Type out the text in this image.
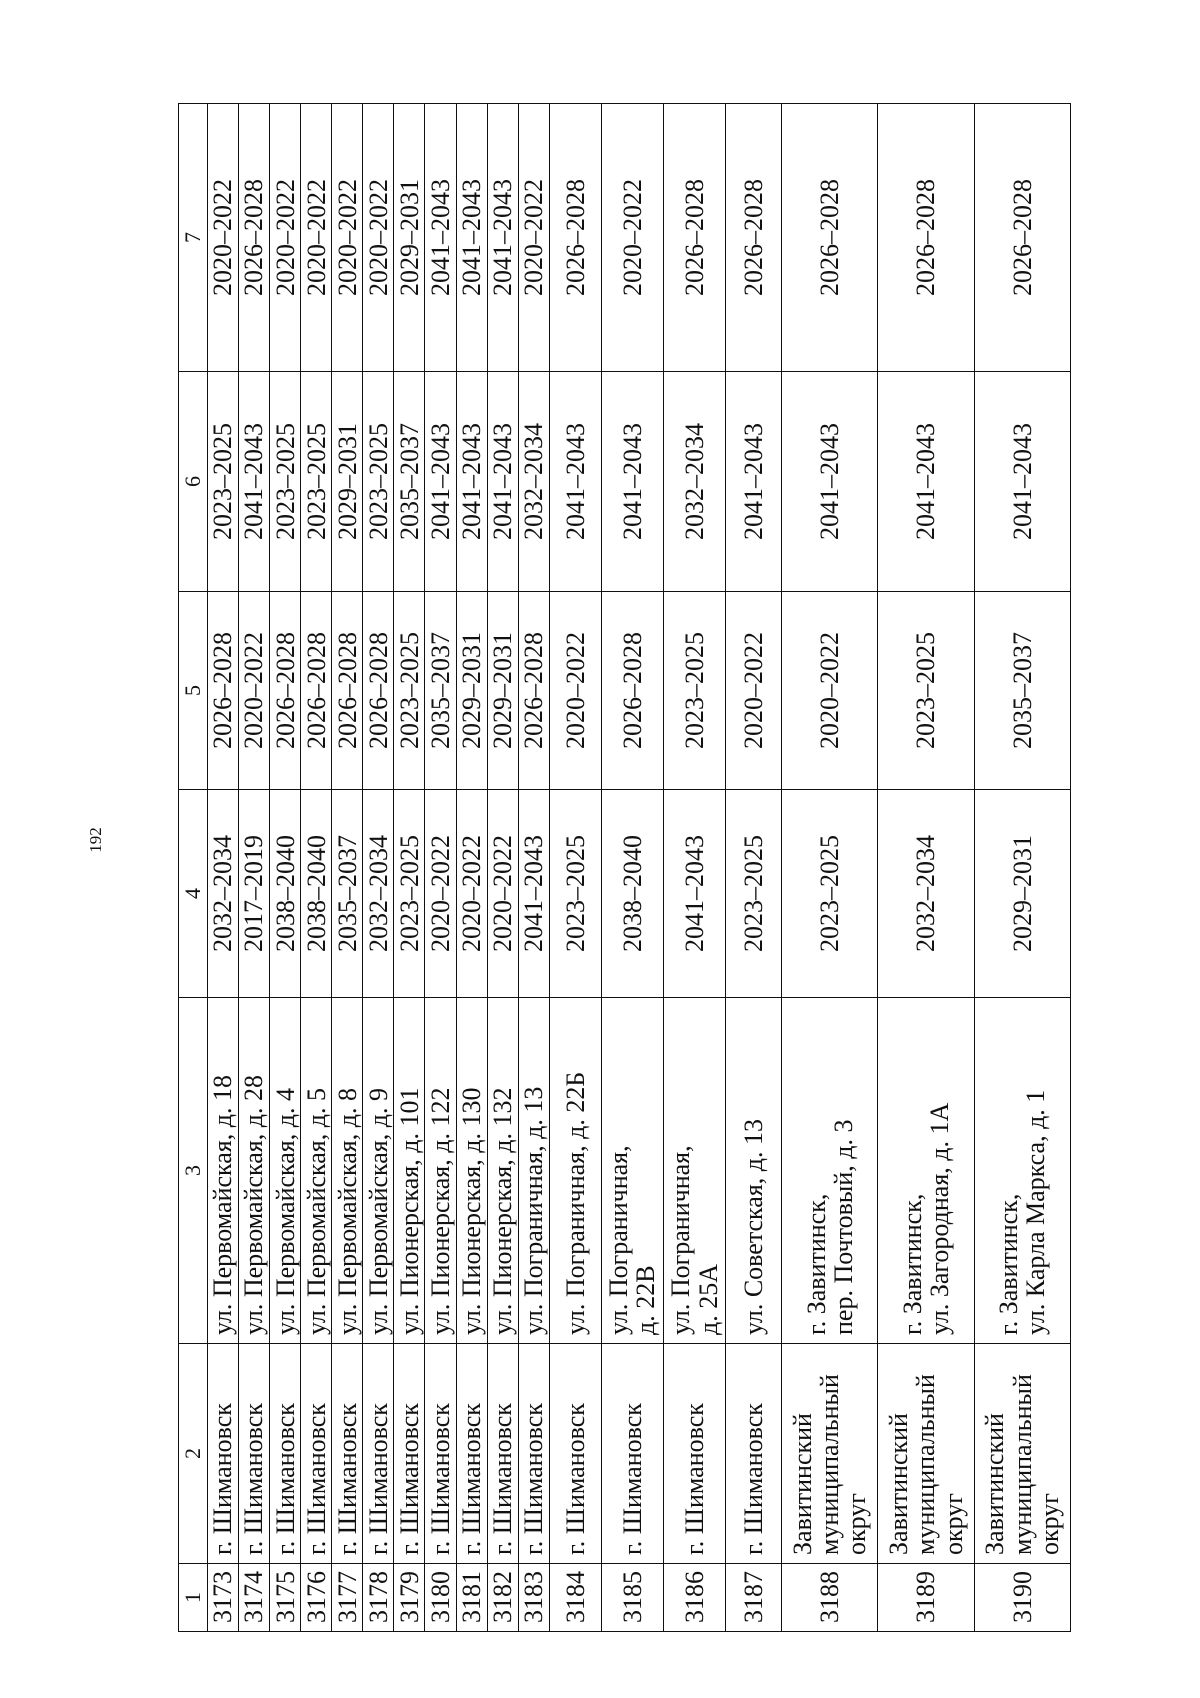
192
1	2	3	4	5	6	7
3173	г. Шимановск	ул. Первомайская, д. 18	2032–2034	2026–2028	2023–2025	2020–2022
3174	г. Шимановск	ул. Первомайская, д. 28	2017–2019	2020–2022	2041–2043	2026–2028
3175	г. Шимановск	ул. Первомайская, д. 4	2038–2040	2026–2028	2023–2025	2020–2022
3176	г. Шимановск	ул. Первомайская, д. 5	2038–2040	2026–2028	2023–2025	2020–2022
3177	г. Шимановск	ул. Первомайская, д. 8	2035–2037	2026–2028	2029–2031	2020–2022
3178	г. Шимановск	ул. Первомайская, д. 9	2032–2034	2026–2028	2023–2025	2020–2022
3179	г. Шимановск	ул. Пионерская, д. 101	2023–2025	2023–2025	2035–2037	2029–2031
3180	г. Шимановск	ул. Пионерская, д. 122	2020–2022	2035–2037	2041–2043	2041–2043
3181	г. Шимановск	ул. Пионерская, д. 130	2020–2022	2029–2031	2041–2043	2041–2043
3182	г. Шимановск	ул. Пионерская, д. 132	2020–2022	2029–2031	2041–2043	2041–2043
3183	г. Шимановск	ул. Пограничная, д. 13	2041–2043	2026–2028	2032–2034	2020–2022
3184	г. Шимановск	ул. Пограничная, д. 22Б	2023–2025	2020–2022	2041–2043	2026–2028
3185	г. Шимановск	ул. Пограничная,
д. 22В	2038–2040	2026–2028	2041–2043	2020–2022
3186	г. Шимановск	ул. Пограничная,
д. 25А	2041–2043	2023–2025	2032–2034	2026–2028
3187	г. Шимановск	ул. Советская, д. 13	2023–2025	2020–2022	2041–2043	2026–2028
3188	Завитинский
муниципальный
округ	г. Завитинск,
пер. Почтовый, д. 3	2023–2025	2020–2022	2041–2043	2026–2028
3189	Завитинский
муниципальный
округ	г. Завитинск,
ул. Загородная, д. 1А	2032–2034	2023–2025	2041–2043	2026–2028
3190	Завитинский
муниципальный
округ	г. Завитинск,
ул. Карла Маркса, д. 1	2029–2031	2035–2037	2041–2043	2026–2028
